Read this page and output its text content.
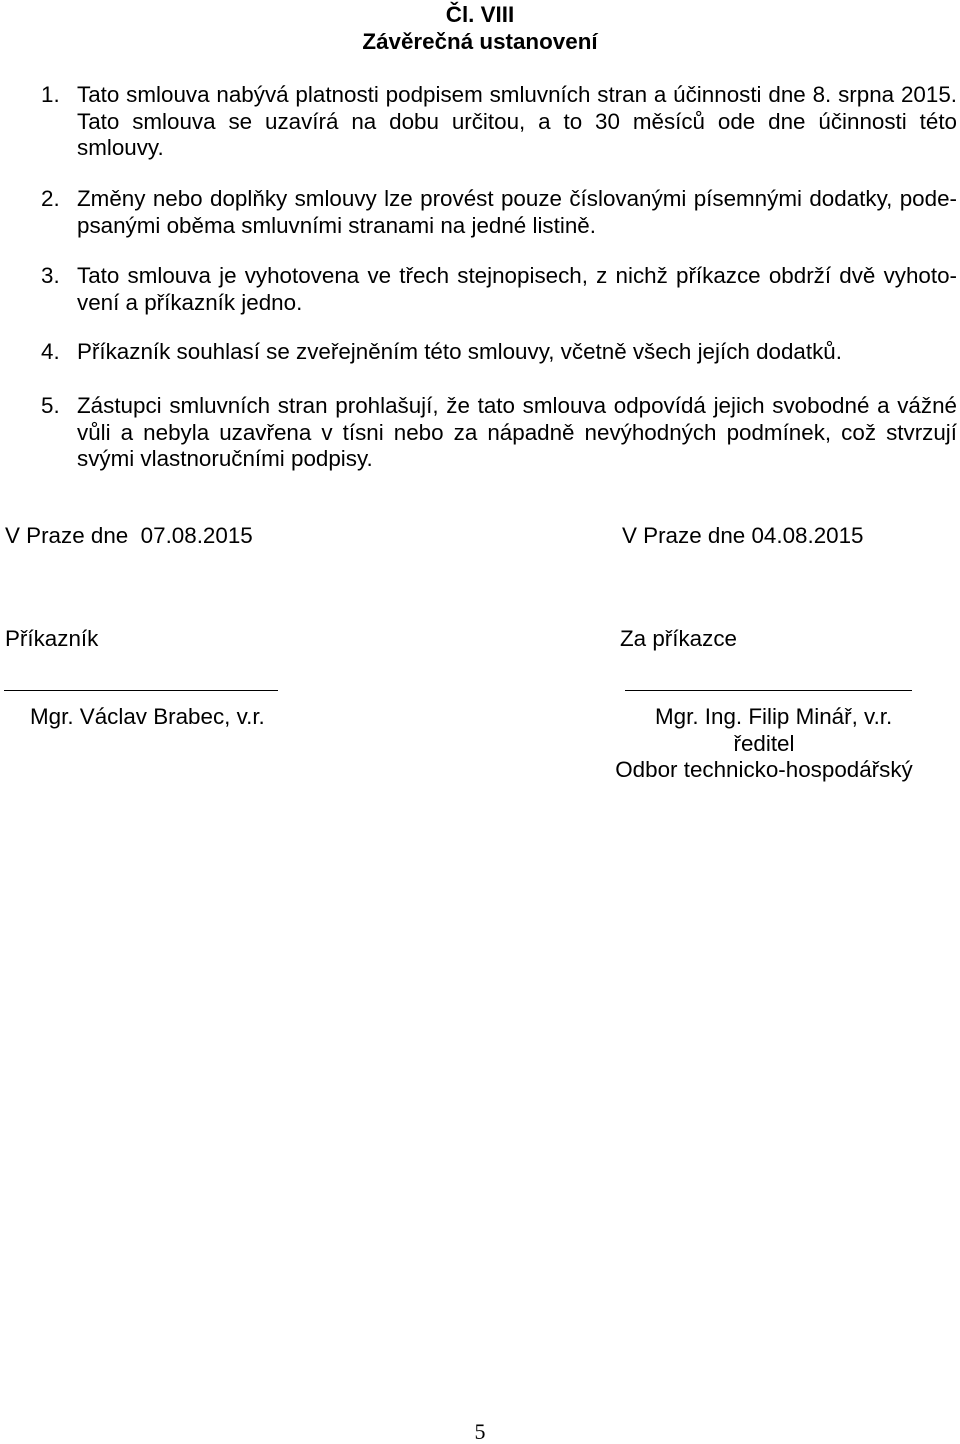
Čl. VIII
Závěrečná ustanovení
1. Tato smlouva nabývá platnosti podpisem smluvních stran a účinnosti dne 8. srpna 2015.
Tato smlouva se uzavírá na dobu určitou, a to 30 měsíců ode dne účinnosti této
smlouvy.
2. Změny nebo doplňky smlouvy lze provést pouze číslovanými písemnými dodatky, pode-
psanými oběma smluvními stranami na jedné listině.
3. Tato smlouva je vyhotovena ve třech stejnopisech, z nichž příkazce obdrží dvě vyhoto-
vení a příkazník jedno.
4. Příkazník souhlasí se zveřejněním této smlouvy, včetně všech jejích dodatků.
5. Zástupci smluvních stran prohlašují, že tato smlouva odpovídá jejich svobodné a vážné
vůli a nebyla uzavřena v tísni nebo za nápadně nevýhodných podmínek, což stvrzují
svými vlastnoručními podpisy.
V Praze dne  07.08.2015
Příkazník
Mgr. Václav Brabec, v.r.
V Praze dne 04.08.2015
Za příkazce
Mgr. Ing. Filip Minář, v.r.
ředitel
Odbor technicko-hospodářský
5
